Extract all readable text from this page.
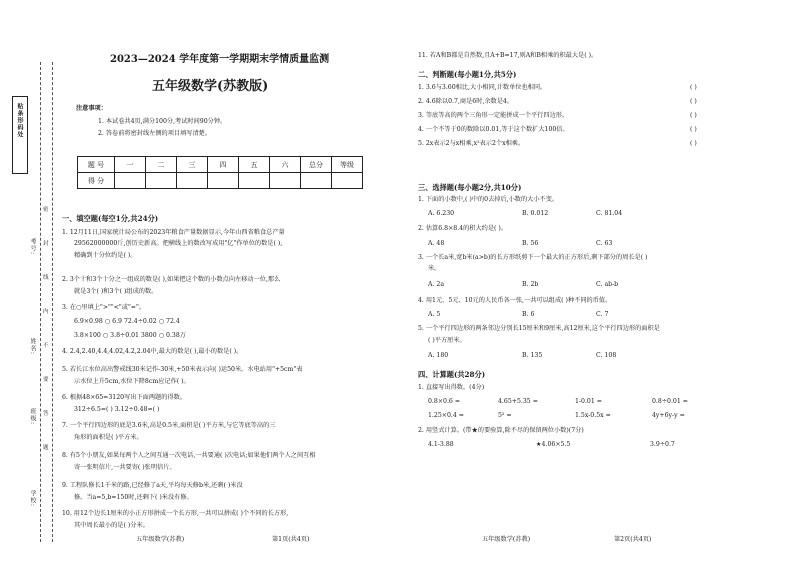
贴条形码处
考号:
姓名:
班级:
学校:
密
封
线
内
不
要
答
题
2023—2024 学年度第一学期期末学情质量监测
五年级数学(苏教版)
注意事项：
1. 本试卷共4页,满分100分,考试时间90分钟。
2. 答卷前将密封线左侧的项目填写清楚。
题 号	一	二	三	四	五	六	总分	等级
得 分								
一、填空题(每空1分,共24分)
1. 12月11日,国家统计局公布的2023年粮食产量数据显示,今年山西省粮食总产量
29562000000斤,创历史新高。把横线上的数改写成用"亿"作单位的数是( ),
精确到十分位约是( )。
2. 3个十和3个十分之一组成的数是( ),如果把这个数的小数点向左移动一位,那么
就是3个( )和3个( )组成的数。
3. 在○里填上">""<"或"="。
6.9×0.98 ○ 6.9 72.4÷0.02 ○ 72.4
3.8×100 ○ 3.8÷0.01 3800 ○ 0.38万
4. 2.4,2.40,4.4,4.02,4.2,2.04中,最大的数是( ),最小的数是( )。
5. 若长江水位高出警戒线30米记作-30米,+50米表示向( )运50米。水电站用"+5cm"表
示水位上升5cm,水位下降8cm应记作( )。
6. 根据48×65=3120写出下面两题的得数。
312÷6.5=( ) 3.12÷0.48=( )
7. 一个平行四边形的底是3.6米,高是0.5米,面积是( )平方米,与它等底等高的三
角形的面积是( )平方米。
8. 有5个小朋友,如果每两个人之间互通一次电话,一共要通( )次电话;如果他们两个人之间互相
寄一张明信片,一共要寄( )张明信片。
9. 工程队修长1千米的路,已经修了a天,平均每天修b米,还剩( )米没
修。当a=5,b=150时,还剩下( )米没有修。
10. 用12个边长1厘米的小正方形拼成一个长方形,一共可以拼成( )个不同的长方形,
其中周长最小的是( )分米。
11. 若A和B都是自然数,且A+B=17,则A和B相乘的积最大是( )。
二、判断题(每小题1分,共5分)
1. 3.6与3.60相比,大小相同,计数单位也相同。	( )
2. 4.6除以0.7,商是6时,余数是4。	( )
3. 等底等高的两个三角形一定能拼成一个平行四边形。	( )
4. 一个不等于0的数除以0.01,等于这个数扩大100倍。	( )
5. 2x表示2与x相乘,x²表示2个x相乘。	( )
三、选择题(每小题2分,共10分)
1. 下面的小数中,( )中的0去掉后,小数的大小不变。
A. 6.230	B. 0.012	C. 81.04
2. 估算6.8×8.4的积大约是( )。
A. 48	B. 56	C. 63
3. 一个长a米,宽b米(a>b)的长方形纸剪下一个最大的正方形后,剩下部分的周长是( )
米。
A. 2a	B. 2b	C. ab-b
4. 用1元、5元、10元的人民币各一张,一共可以组成( )种不同的币值。
A. 5	B. 6	C. 7
5. 一个平行四边形的两条邻边分别长15厘米和9厘米,高12厘米,这个平行四边形的面积是
( )平方厘米。
A. 180	B. 135	C. 108
四、计算题(共28分)
1. 直接写出得数。(4分)
0.8×0.6 =	4.65+5.35 =	1-0.01 =	0.8÷0.01 =
1.25×0.4 =	5² =	1.5x-0.5x =	4y+6y-y =
2. 用竖式计算。(带★的要验算,除不尽的保留两位小数)(7分)
4.1-3.88	★4.06×5.5	3.9÷0.7
五年级数学(苏教)	第1页(共4页)	五年级数学(苏教)	第2页(共4页)
